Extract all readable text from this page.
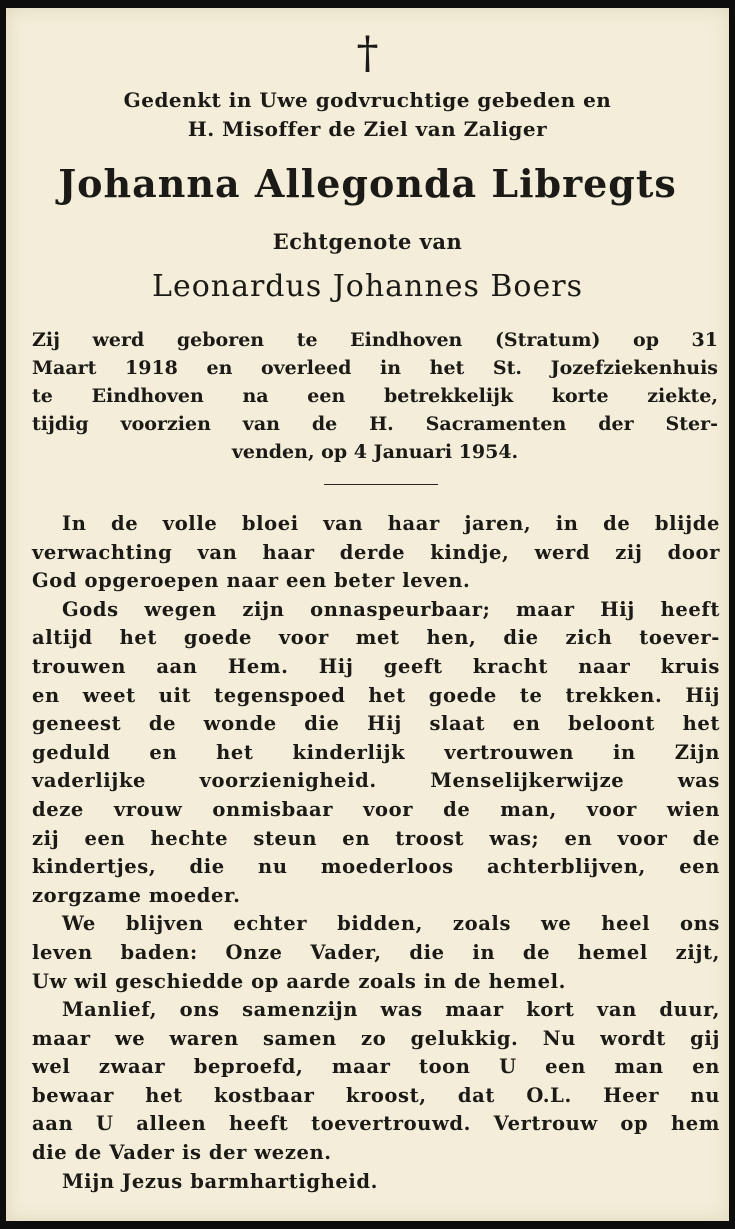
†
Gedenkt in Uwe godvruchtige gebeden en
H. Misoffer de Ziel van Zaliger
Johanna Allegonda Libregts
Echtgenote van
Leonardus Johannes Boers
Zij werd geboren te Eindhoven (Stratum) op 31
Maart 1918 en overleed in het St. Jozefziekenhuis
te Eindhoven na een betrekkelijk korte ziekte,
tijdig voorzien van de H. Sacramenten der Ster-
venden, op 4 Januari 1954.
In de volle bloei van haar jaren, in de blijde
verwachting van haar derde kindje, werd zij door
God opgeroepen naar een beter leven.
Gods wegen zijn onnaspeurbaar; maar Hij heeft
altijd het goede voor met hen, die zich toever-
trouwen aan Hem. Hij geeft kracht naar kruis
en weet uit tegenspoed het goede te trekken. Hij
geneest de wonde die Hij slaat en beloont het
geduld en het kinderlijk vertrouwen in Zijn
vaderlijke voorzienigheid. Menselijkerwijze was
deze vrouw onmisbaar voor de man, voor wien
zij een hechte steun en troost was; en voor de
kindertjes, die nu moederloos achterblijven, een
zorgzame moeder.
We blijven echter bidden, zoals we heel ons
leven baden: Onze Vader, die in de hemel zijt,
Uw wil geschiedde op aarde zoals in de hemel.
Manlief, ons samenzijn was maar kort van duur,
maar we waren samen zo gelukkig. Nu wordt gij
wel zwaar beproefd, maar toon U een man en
bewaar het kostbaar kroost, dat O.L. Heer nu
aan U alleen heeft toevertrouwd. Vertrouw op hem
die de Vader is der wezen.
Mijn Jezus barmhartigheid.
